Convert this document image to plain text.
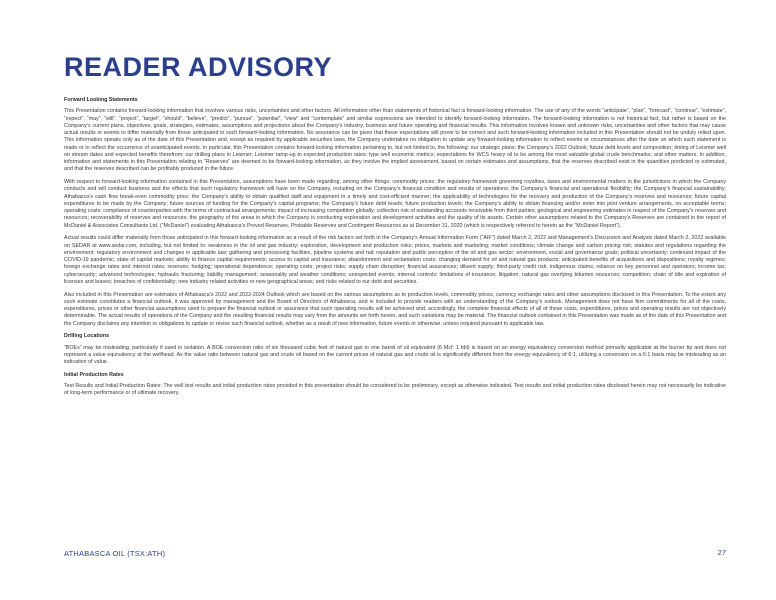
READER ADVISORY

Forward Looking Statements

This Presentation contains forward-looking information that involves various risks, uncertainties and other factors. All information other than statements of historical fact is forward-looking information. The use of any of the words “anticipate”, “plan”, “forecast”, “continue”, “estimate”, “expect”, “may”, “will”, “project”, “target”, “should”, “believe”, “predict”, “pursue”, “potential”, “view” and “contemplate” and similar expressions are intended to identify forward-looking information. The forward-looking information is not historical fact, but rather is based on the Company’s current plans, objectives, goals, strategies, estimates, assumptions and projections about the Company’s industry, business and future operating and financial results. This information involves known and unknown risks, uncertainties and other factors that may cause actual results or events to differ materially from those anticipated in such forward-looking information. No assurance can be given that these expectations will prove to be correct and such forward-looking information included in this Presentation should not be unduly relied upon. This information speaks only as of the date of this Presentation and, except as required by applicable securities laws, the Company undertakes no obligation to update any forward-looking information to reflect events or circumstances after the date on which such statement is made or to reflect the occurrence of unanticipated events. In particular, this Presentation contains forward-looking information pertaining to, but not limited to, the following: our strategic plans; the Company’s 2022 Outlook; future debt levels and composition; timing of Leismer well on stream dates and expected benefits therefrom; our drilling plans in Leismer; Leismer ramp-up to expected production rates; type well economic metrics; expectations for WCS heavy oil to be among the most valuable global crude benchmarks; and other matters. In addition, information and statements in this Presentation relating to “Reserves” are deemed to be forward-looking information, as they involve the implied assessment, based on certain estimates and assumptions, that the reserves described exist in the quantities predicted or estimated, and that the reserves described can be profitably produced in the future.

With respect to forward-looking information contained in this Presentation, assumptions have been made regarding, among other things: commodity prices; the regulatory framework governing royalties, taxes and environmental matters in the jurisdictions in which the Company conducts and will conduct business and the effects that such regulatory framework will have on the Company, including on the Company’s financial condition and results of operations; the Company’s financial and operational flexibility; the Company’s financial sustainability; Athabasca’s cash flow break-even commodity price; the Company’s ability to obtain qualified staff and equipment in a timely and cost-efficient manner; the applicability of technologies for the recovery and production of the Company’s reserves and resources; future capital expenditures to be made by the Company; future sources of funding for the Company’s capital programs; the Company’s future debt levels; future production levels; the Company’s ability to obtain financing and/or enter into joint venture arrangements, on acceptable terms; operating costs; compliance of counterparties with the terms of contractual arrangements; impact of increasing competition globally; collection risk of outstanding accounts receivable from third parties; geological and engineering estimates in respect of the Company’s reserves and resources; recoverability of reserves and resources; the geography of the areas in which the Company is conducting exploration and development activities and the quality of its assets. Certain other assumptions related to the Company’s Reserves are contained in the report of McDaniel & Associates Consultants Ltd. (“McDaniel”) evaluating Athabasca’s Proved Reserves, Probable Reserves and Contingent Resources as at December 31, 2020 (which is respectively referred to herein as the “McDaniel Report”).

Actual results could differ materially from those anticipated in this forward-looking information as a result of the risk factors set forth in the Company’s Annual Information Form (“AIF”) dated March 2, 2022 and Management’s Discussion and Analysis dated March 2, 2022 available on SEDAR at www.sedar.com, including, but not limited to: weakness in the oil and gas industry; exploration, development and production risks; prices, markets and marketing; market conditions; climate change and carbon pricing risk; statutes and regulations regarding the environment; regulatory environment and changes in applicable law; gathering and processing facilities, pipeline systems and rail; reputation and public perception of the oil and gas sector; environment, social and governance goals; political uncertainty; continued impact of the COVID-19 pandemic; state of capital markets; ability to finance capital requirements; access to capital and insurance; abandonment and reclamation costs; changing demand for oil and natural gas products; anticipated benefits of acquisitions and dispositions; royalty regimes; foreign exchange rates and interest rates; reserves; hedging; operational dependence; operating costs; project risks; supply chain disruption; financial assurances; diluent supply; third-party credit risk; indigenous claims; reliance on key personnel and operators; income tax; cybersecurity; advanced technologies; hydraulic fracturing; liability management; seasonality and weather conditions; unexpected events; internal controls; limitations of insurance; litigation; natural gas overlying bitumen resources; competition; chain of title and expiration of licenses and leases; breaches of confidentiality; new industry related activities or new geographical areas; and risks related to our debt and securities.

Also included in this Presentation are estimates of Athabasca’s 2022 and 2022-2024 Outlook which are based on the various assumptions as to production levels, commodity prices, currency exchange rates and other assumptions disclosed in this Presentation. To the extent any such estimate constitutes a financial outlook, it was approved by management and the Board of Directors of Athabasca, and is included to provide readers with an understanding of the Company’s outlook. Management does not have firm commitments for all of the costs, expenditures, prices or other financial assumptions used to prepare the financial outlook or assurance that such operating results will be achieved and, accordingly, the complete financial effects of all of those costs, expenditures, prices and operating results are not objectively determinable. The actual results of operations of the Company and the resulting financial results may vary from the amounts set forth herein, and such variations may be material. The financial outlook contained in this Presentation was made as of the date of this Presentation and the Company disclaims any intention or obligations to update or revise such financial outlook, whether as a result of new information, future events or otherwise, unless required pursuant to applicable law.

Drilling Locations

“BOEs” may be misleading, particularly if used in isolation. A BOE conversion ratio of six thousand cubic feet of natural gas to one barrel of oil equivalent (6 Mcf: 1 bbl) is based on an energy equivalency conversion method primarily applicable at the burner tip and does not represent a value equivalency at the wellhead. As the value ratio between natural gas and crude oil based on the current prices of natural gas and crude oil is significantly different from the energy equivalency of 6:1, utilizing a conversion on a 6:1 basis may be misleading as an indication of value.

Initial Production Rates

Test Results and Initial Production Rates: The well test results and initial production rates provided in this presentation should be considered to be preliminary, except as otherwise indicated. Test results and initial production rates disclosed herein may not necessarily be indicative of long-term performance or of ultimate recovery.

ATHABASCA OIL (TSX:ATH)	27
